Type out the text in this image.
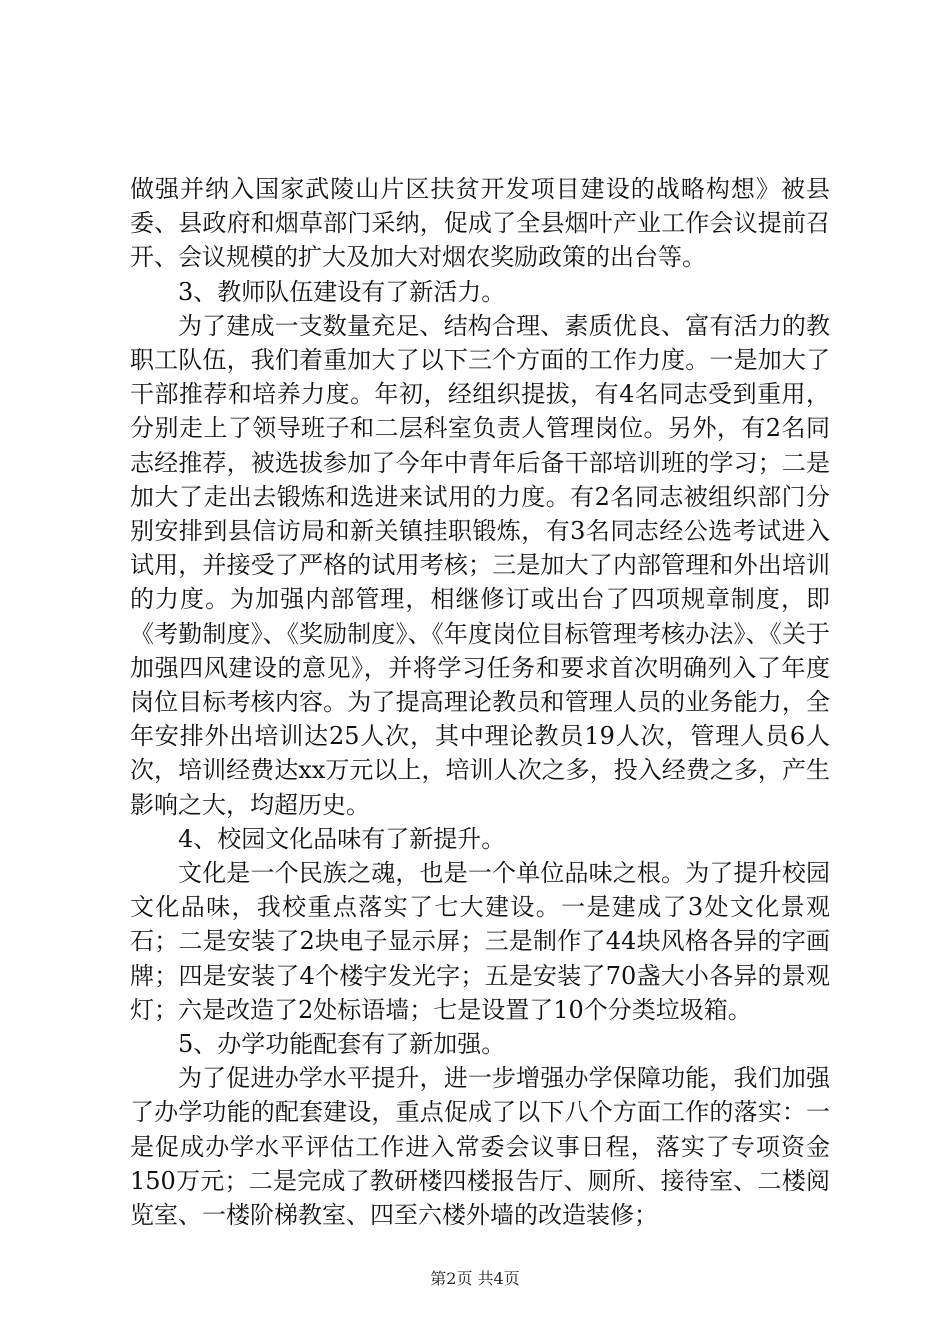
做强并纳入国家武陵山片区扶贫开发项目建设的战略构想》被县委、县政府和烟草部门采纳，促成了全县烟叶产业工作会议提前召开、会议规模的扩大及加大对烟农奖励政策的出台等。

3、教师队伍建设有了新活力。

为了建成一支数量充足、结构合理、素质优良、富有活力的教职工队伍，我们着重加大了以下三个方面的工作力度。一是加大了干部推荐和培养力度。年初，经组织提拔，有4名同志受到重用，分别走上了领导班子和二层科室负责人管理岗位。另外，有2名同志经推荐，被选拔参加了今年中青年后备干部培训班的学习；二是加大了走出去锻炼和选进来试用的力度。有2名同志被组织部门分别安排到县信访局和新关镇挂职锻炼，有3名同志经公选考试进入试用，并接受了严格的试用考核；三是加大了内部管理和外出培训的力度。为加强内部管理，相继修订或出台了四项规章制度，即《考勤制度》、《奖励制度》、《年度岗位目标管理考核办法》、《关于加强四风建设的意见》，并将学习任务和要求首次明确列入了年度岗位目标考核内容。为了提高理论教员和管理人员的业务能力，全年安排外出培训达25人次，其中理论教员19人次，管理人员6人次，培训经费达xx万元以上，培训人次之多，投入经费之多，产生影响之大，均超历史。

4、校园文化品味有了新提升。

文化是一个民族之魂，也是一个单位品味之根。为了提升校园文化品味，我校重点落实了七大建设。一是建成了3处文化景观石；二是安装了2块电子显示屏；三是制作了44块风格各异的字画牌；四是安装了4个楼宇发光字；五是安装了70盏大小各异的景观灯；六是改造了2处标语墙；七是设置了10个分类垃圾箱。

5、办学功能配套有了新加强。

为了促进办学水平提升，进一步增强办学保障功能，我们加强了办学功能的配套建设，重点促成了以下八个方面工作的落实：一是促成办学水平评估工作进入常委会议事日程，落实了专项资金150万元；二是完成了教研楼四楼报告厅、厕所、接待室、二楼阅览室、一楼阶梯教室、四至六楼外墙的改造装修；

第2页 共4页
